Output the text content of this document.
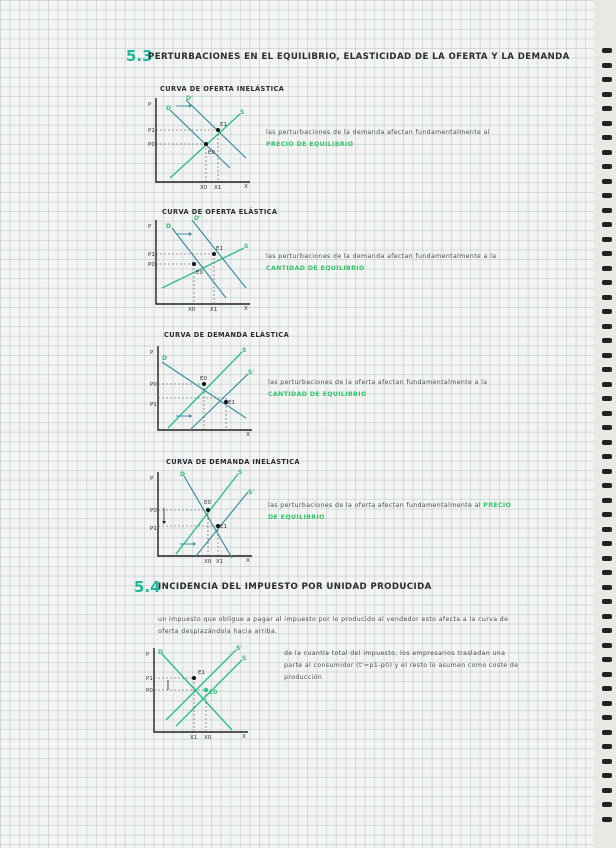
5.3
PERTURBACIONES EN EL EQUILIBRIO, ELASTICIDAD DE LA OFERTA Y LA DEMANDA
CURVA DE OFERTA INELÁSTICA
P
X
S
D
D'
E0
E1
P1
P0
X0 X1
las perturbaciones de la demanda afectan fundamentalmente al PRECIO DE EQUILIBRIO
CURVA DE OFERTA ELÁSTICA
P
X
S
D
D'
E0
E1
P1
P0
X0	X1
las perturbaciones de la demanda afectan fundamentalmente a la CANTIDAD DE EQUILIBRIO
CURVA DE DEMANDA ELÁSTICA
P
X
S
S'
D
E0
E1
P0
P1
las perturbaciones de la oferta afectan fundamentalmente a la CANTIDAD DE EQUILIBRIO
CURVA DE DEMANDA INELÁSTICA
P
X
S
S'
D
E0
E1
P0
P1
X0 X1
las perturbaciones de la oferta afectan fundamentalmente al PRECIO DE EQUILIBRIO
5.4
INCIDENCIA DEL IMPUESTO POR UNIDAD PRODUCIDA
un impuesto que obligue a pagar al impuesto por lo producido al vendedor esto afecta a la curva de oferta desplazándola hacia arriba.
P
X
S
S'
D
E1
E0
P1
P0
X1 X0
de la cuantía total del impuesto, los empresarios trasladan una parte al consumidor (t'=p1-p0) y el resto lo asumen como coste de producción
